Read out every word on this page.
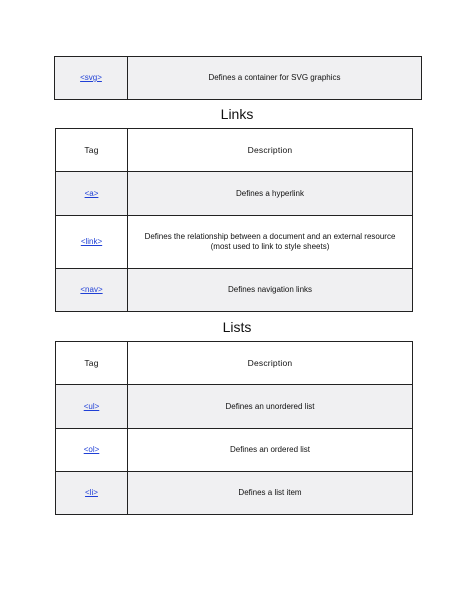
<svg>	Defines a container for SVG graphics
Links
Tag	Description
<a>	Defines a hyperlink
<link>	Defines the relationship between a document and an external resource (most used to link to style sheets)
<nav>	Defines navigation links
Lists
Tag	Description
<ul>	Defines an unordered list
<ol>	Defines an ordered list
<li>	Defines a list item
